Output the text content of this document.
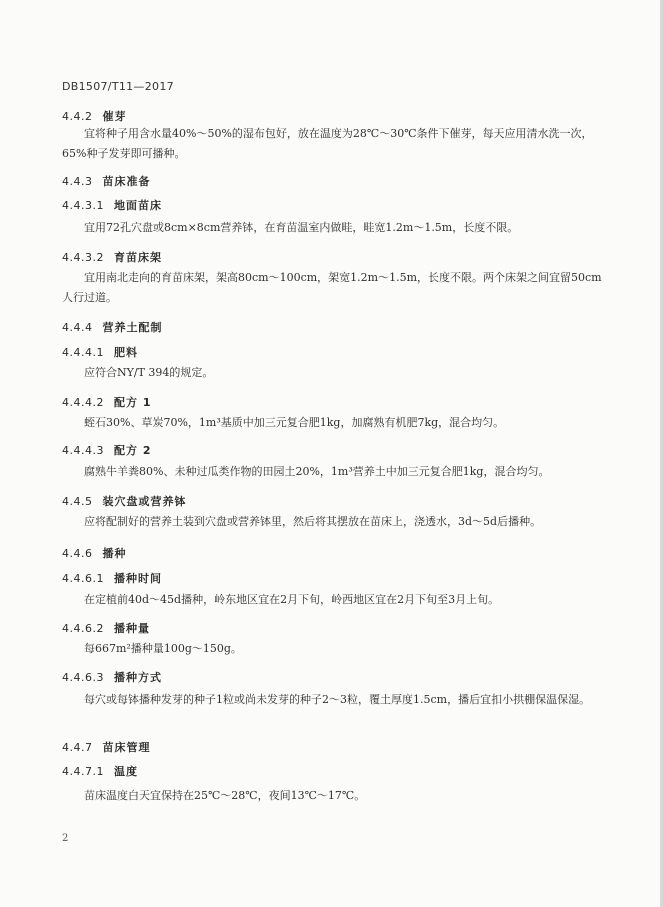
DB1507/T11—2017
4.4.2 催芽
宜将种子用含水量40%～50%的湿布包好，放在温度为28℃～30℃条件下催芽，每天应用清水洗一次，65%种子发芽即可播种。
4.4.3 苗床准备
4.4.3.1 地面苗床
宜用72孔穴盘或8cm×8cm营养钵，在育苗温室内做畦，畦宽1.2m～1.5m，长度不限。
4.4.3.2 育苗床架
宜用南北走向的育苗床架，架高80cm～100cm，架宽1.2m～1.5m，长度不限。两个床架之间宜留50cm人行过道。
4.4.4 营养土配制
4.4.4.1 肥料
应符合NY/T 394的规定。
4.4.4.2 配方 1
蛭石30%、草炭70%，1m³基质中加三元复合肥1kg，加腐熟有机肥7kg，混合均匀。
4.4.4.3 配方 2
腐熟牛羊粪80%、未种过瓜类作物的田园土20%，1m³营养土中加三元复合肥1kg，混合均匀。
4.4.5 装穴盘或营养钵
应将配制好的营养土装到穴盘或营养钵里，然后将其摆放在苗床上，浇透水，3d～5d后播种。
4.4.6 播种
4.4.6.1 播种时间
在定植前40d～45d播种，岭东地区宜在2月下旬，岭西地区宜在2月下旬至3月上旬。
4.4.6.2 播种量
每667m²播种量100g～150g。
4.4.6.3 播种方式
每穴或每钵播种发芽的种子1粒或尚未发芽的种子2～3粒，覆土厚度1.5cm，播后宜扣小拱棚保温保湿。
4.4.7 苗床管理
4.4.7.1 温度
苗床温度白天宜保持在25℃～28℃，夜间13℃～17℃。
2
